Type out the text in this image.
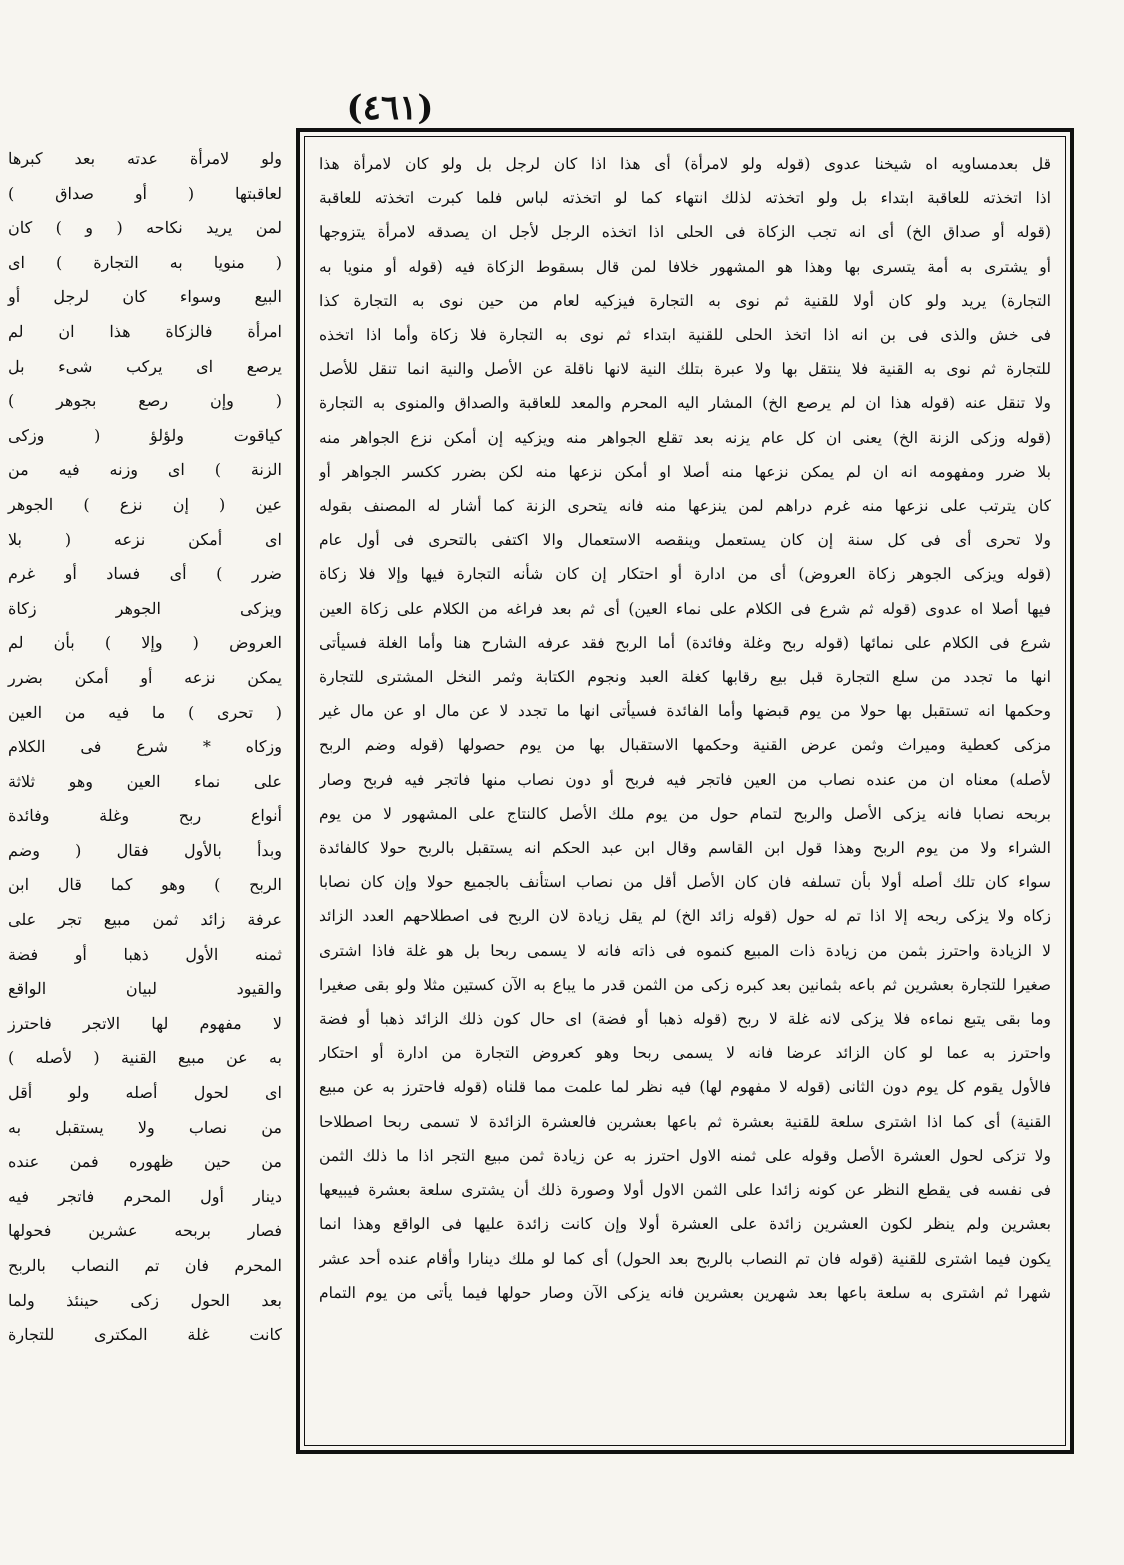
(٤٦١)

ولو لامرأة عدته بعد كبرها

لعاقبتها ( أو صداق )

لمن يريد نكاحه ( و ) كان

( منويا به التجارة ) اى

البيع وسواء كان لرجل أو

امرأة فالزكاة هذا ان لم

يرصع اى يركب شىء بل

( وإن رصع بجوهر )

كياقوت ولؤلؤ ( وزكى

الزنة ) اى وزنه فيه من

عين ( إن نزع ) الجوهر

اى أمكن نزعه ( بلا

ضرر ) أى فساد أو غرم

ويزكى الجوهر زكاة

العروض ( وإلا ) بأن لم

يمكن نزعه أو أمكن بضرر

( تحرى ) ما فيه من العين

وزكاه * شرع فى الكلام

على نماء العين وهو ثلاثة

أنواع ربح وغلة وفائدة

وبدأ بالأول فقال ( وضم

الربح ) وهو كما قال ابن

عرفة زائد ثمن مبيع تجر على

ثمنه الأول ذهبا أو فضة

والقيود لبيان الواقع

لا مفهوم لها الاتجر فاحترز

به عن مبيع القنية ( لأصله )

اى لحول أصله ولو أقل

من نصاب ولا يستقبل به

من حين ظهوره فمن عنده

دينار أول المحرم فاتجر فيه

فصار بربحه عشرين فحولها

المحرم فان تم النصاب بالربح

بعد الحول زكى حينئذ ولما

كانت غلة المكترى للتجارة

قل بعدمساويه اه شيخنا عدوى (قوله ولو لامرأة) أى هذا اذا كان لرجل بل ولو كان لامرأة هذا

اذا اتخذته للعاقبة ابتداء بل ولو اتخذته لذلك انتهاء كما لو اتخذته لباس فلما كبرت اتخذته للعاقبة

(قوله أو صداق الخ) أى انه تجب الزكاة فى الحلى اذا اتخذه الرجل لأجل ان يصدقه لامرأة يتزوجها

أو يشترى به أمة يتسرى بها وهذا هو المشهور خلافا لمن قال بسقوط الزكاة فيه (قوله أو منويا به

التجارة) يريد ولو كان أولا للقنية ثم نوى به التجارة فيزكيه لعام من حين نوى به التجارة كذا

فى خش والذى فى بن انه اذا اتخذ الحلى للقنية ابتداء ثم نوى به التجارة فلا زكاة وأما اذا اتخذه

للتجارة ثم نوى به القنية فلا ينتقل بها ولا عبرة بتلك النية لانها ناقلة عن الأصل والنية انما تنقل للأصل

ولا تنقل عنه (قوله هذا ان لم يرصع الخ) المشار اليه المحرم والمعد للعاقبة والصداق والمنوى به التجارة

(قوله وزكى الزنة الخ) يعنى ان كل عام يزنه بعد تقلع الجواهر منه ويزكيه إن أمكن نزع الجواهر منه

بلا ضرر ومفهومه انه ان لم يمكن نزعها منه أصلا او أمكن نزعها منه لكن بضرر ككسر الجواهر أو

كان يترتب على نزعها منه غرم دراهم لمن ينزعها منه فانه يتحرى الزنة كما أشار له المصنف بقوله

ولا تحرى أى فى كل سنة إن كان يستعمل وينقصه الاستعمال والا اكتفى بالتحرى فى أول عام

(قوله ويزكى الجوهر زكاة العروض) أى من ادارة أو احتكار إن كان شأنه التجارة فيها وإلا فلا زكاة

فيها أصلا اه عدوى (قوله ثم شرع فى الكلام على نماء العين) أى ثم بعد فراغه من الكلام على زكاة العين

شرع فى الكلام على نمائها (قوله ربح وغلة وفائدة) أما الربح فقد عرفه الشارح هنا وأما الغلة فسيأتى

انها ما تجدد من سلع التجارة قبل بيع رقابها كغلة العبد ونجوم الكتابة وثمر النخل المشترى للتجارة

وحكمها انه تستقبل بها حولا من يوم قبضها وأما الفائدة فسيأتى انها ما تجدد لا عن مال او عن مال غير

مزكى كعطية وميراث وثمن عرض القنية وحكمها الاستقبال بها من يوم حصولها (قوله وضم الربح

لأصله) معناه ان من عنده نصاب من العين فاتجر فيه فربح أو دون نصاب منها فاتجر فيه فربح وصار

بربحه نصابا فانه يزكى الأصل والربح لتمام حول من يوم ملك الأصل كالنتاج على المشهور لا من يوم

الشراء ولا من يوم الربح وهذا قول ابن القاسم وقال ابن عبد الحكم انه يستقبل بالربح حولا كالفائدة

سواء كان تلك أصله أولا بأن تسلفه فان كان الأصل أقل من نصاب استأنف بالجميع حولا وإن كان نصابا

زكاه ولا يزكى ربحه إلا اذا تم له حول (قوله زائد الخ) لم يقل زيادة لان الربح فى اصطلاحهم العدد الزائد

لا الزيادة واحترز بثمن من زيادة ذات المبيع كنموه فى ذاته فانه لا يسمى ربحا بل هو غلة فاذا اشترى

صغيرا للتجارة بعشرين ثم باعه بثمانين بعد كبره زكى من الثمن قدر ما يباع به الآن كستين مثلا ولو بقى صغيرا

وما بقى يتبع نماءه فلا يزكى لانه غلة لا ربح (قوله ذهبا أو فضة) اى حال كون ذلك الزائد ذهبا أو فضة

واحترز به عما لو كان الزائد عرضا فانه لا يسمى ربحا وهو كعروض التجارة من ادارة أو احتكار

فالأول يقوم كل يوم دون الثانى (قوله لا مفهوم لها) فيه نظر لما علمت مما قلناه (قوله فاحترز به عن مبيع

القنية) أى كما اذا اشترى سلعة للقنية بعشرة ثم باعها بعشرين فالعشرة الزائدة لا تسمى ربحا اصطلاحا

ولا تزكى لحول العشرة الأصل وقوله على ثمنه الاول احترز به عن زيادة ثمن مبيع التجر اذا ما ذلك الثمن

فى نفسه فى يقطع النظر عن كونه زائدا على الثمن الاول أولا وصورة ذلك أن يشترى سلعة بعشرة فيبيعها

بعشرين ولم ينظر لكون العشرين زائدة على العشرة أولا وإن كانت زائدة عليها فى الواقع وهذا انما

يكون فيما اشترى للقنية (قوله فان تم النصاب بالربح بعد الحول) أى كما لو ملك دينارا وأقام عنده أحد عشر

شهرا ثم اشترى به سلعة باعها بعد شهرين بعشرين فانه يزكى الآن وصار حولها فيما يأتى من يوم التمام
